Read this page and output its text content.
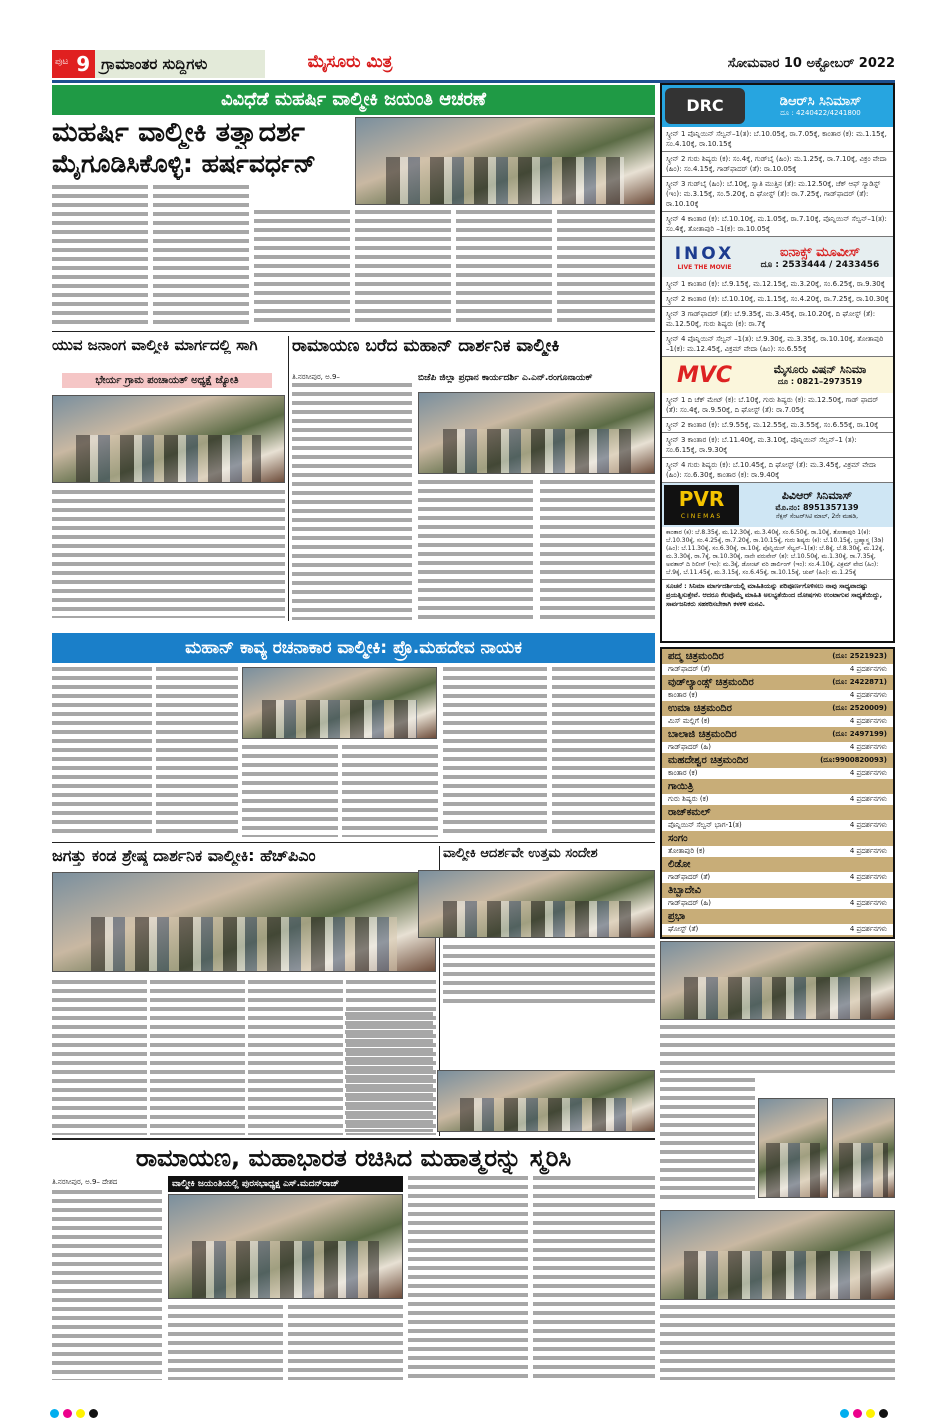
ಪುಟ 9 ಗ್ರಾಮಾಂತರ ಸುದ್ದಿಗಳು	ಮೈಸೂರು ಮಿತ್ರ	ಸೋಮವಾರ 10 ಅಕ್ಟೋಬರ್ 2022
ವಿವಿಧೆಡೆ ಮಹರ್ಷಿ ವಾಲ್ಮೀಕಿ ಜಯಂತಿ ಆಚರಣೆ
ಮಹರ್ಷಿ ವಾಲ್ಮೀಕಿ ತತ್ವಾದರ್ಶ
ಮೈಗೂಡಿಸಿಕೊಳ್ಳಿ: ಹರ್ಷವರ್ಧನ್
ಯುವ ಜನಾಂಗ ವಾಲ್ಮೀಕಿ ಮಾರ್ಗದಲ್ಲಿ ಸಾಗಿ
ಭೇರ್ಯ ಗ್ರಾಮ ಪಂಚಾಯತ್ ಅಧ್ಯಕ್ಷೆ ಜ್ಯೋತಿ
ರಾಮಾಯಣ ಬರೆದ ಮಹಾನ್ ದಾರ್ಶನಿಕ ವಾಲ್ಮೀಕಿ
ತಿ.ನರಸೀಪುರ, ಅ.9–	ಬಿಜೆಪಿ ಜಿಲ್ಲಾ ಪ್ರಧಾನ ಕಾರ್ಯದರ್ಶಿ ಎ.ಎನ್.ರಂಗೂನಾಯಕ್
ಮಹಾನ್ ಕಾವ್ಯ ರಚನಾಕಾರ ವಾಲ್ಮೀಕಿ: ಪ್ರೊ.ಮಹದೇವ ನಾಯಕ
ಜಗತ್ತು ಕಂಡ ಶ್ರೇಷ್ಠ ದಾರ್ಶನಿಕ ವಾಲ್ಮೀಕಿ: ಹೆಚ್‌ಪಿಎಂ	ವಾಲ್ಮೀಕಿ ಆದರ್ಶವೇ ಉತ್ತಮ ಸಂದೇಶ
ರಾಮಾಯಣ, ಮಹಾಭಾರತ ರಚಿಸಿದ ಮಹಾತ್ಮರನ್ನು ಸ್ಮರಿಸಿ
ತಿ.ನರಸೀಪುರ, ಅ.9– ದೇಶದ	ವಾಲ್ಮೀಕಿ ಜಯಂತಿಯಲ್ಲಿ ಪುರಸಭಾಧ್ಯಕ್ಷ ಎಸ್.ಮದನ್‌ರಾಜ್
DRC	ಡಿಆರ್‌ಸಿ ಸಿನಿಮಾಸ್
ದೂ : 4240422/4241800
ಸ್ಕ್ರೀನ್ 1 ಪೊನ್ನಿಯಿನ್ ಸೆಲ್ವನ್–1(ತ): ಬೆ.10.05ಕ್ಕೆ, ರಾ.7.05ಕ್ಕೆ, ಕಾಂತಾರ (ಕ): ಮ.1.15ಕ್ಕೆ, ಸಂ.4.10ಕ್ಕೆ, ರಾ.10.15ಕ್ಕೆ
ಸ್ಕ್ರೀನ್ 2 ಗುರು ಶಿಷ್ಯರು (ಕ): ಸಂ.4ಕ್ಕೆ, ಗುಡ್‌ಬೈ (ಹಿಂ): ಮ.1.25ಕ್ಕೆ, ರಾ.7.10ಕ್ಕೆ, ವಿಕ್ರಂ ವೇದಾ (ಹಿಂ): ಸಂ.4.15ಕ್ಕೆ, ಗಾಡ್‌ಫಾದರ್ (ತೆ): ರಾ.10.05ಕ್ಕೆ
ಸ್ಕ್ರೀನ್ 3 ಗುಡ್‌ಬೈ (ಹಿಂ): ಬೆ.10ಕ್ಕೆ, ಸ್ವಾತಿ ಮುತ್ತಿನ (ತೆ): ಮ.12.50ಕ್ಕೆ, ಚೆಕ್ ಆಫ್ ಸ್ಯಾಡಿಸ್ಟ್ (ಇಂ): ಮ.3.15ಕ್ಕೆ, ಸಂ.5.20ಕ್ಕೆ, ದಿ ಘೋಸ್ಟ್ (ತೆ): ರಾ.7.25ಕ್ಕೆ, ಗಾಡ್‌ಫಾದರ್ (ತೆ): ರಾ.10.10ಕ್ಕೆ
ಸ್ಕ್ರೀನ್ 4 ಕಾಂತಾರ (ಕ): ಬೆ.10.10ಕ್ಕೆ, ಮ.1.05ಕ್ಕೆ, ರಾ.7.10ಕ್ಕೆ, ಪೊನ್ನಿಯಿನ್ ಸೆಲ್ವನ್–1(ತ): ಸಂ.4ಕ್ಕೆ, ತೋತಾಪುರಿ –1(ಕ): ರಾ.10.05ಕ್ಕೆ
INOX
LIVE THE MOVIE
ಐನಾಕ್ಸ್ ಮೂವೀಸ್
ದೂ : 2533444 / 2433456
ಸ್ಕ್ರೀನ್ 1 ಕಾಂತಾರ (ಕ): ಬೆ.9.15ಕ್ಕೆ, ಮ.12.15ಕ್ಕೆ, ಮ.3.20ಕ್ಕೆ, ಸಂ.6.25ಕ್ಕೆ, ರಾ.9.30ಕ್ಕೆ
ಸ್ಕ್ರೀನ್ 2 ಕಾಂತಾರ (ಕ): ಬೆ.10.10ಕ್ಕೆ, ಮ.1.15ಕ್ಕೆ, ಸಂ.4.20ಕ್ಕೆ, ರಾ.7.25ಕ್ಕೆ, ರಾ.10.30ಕ್ಕೆ
ಸ್ಕ್ರೀನ್ 3 ಗಾಡ್‌ಫಾದರ್ (ತೆ): ಬೆ.9.35ಕ್ಕೆ, ಮ.3.45ಕ್ಕೆ, ರಾ.10.20ಕ್ಕೆ, ದಿ ಘೋಸ್ಟ್ (ತೆ): ಮ.12.50ಕ್ಕೆ, ಗುರು ಶಿಷ್ಯರು (ಕ): ರಾ.7ಕ್ಕೆ
ಸ್ಕ್ರೀನ್ 4 ಪೊನ್ನಿಯಿನ್ ಸೆಲ್ವನ್ –1(ತ): ಬೆ.9.30ಕ್ಕೆ, ಮ.3.35ಕ್ಕೆ, ರಾ.10.10ಕ್ಕೆ, ತೋತಾಪುರಿ –1(ಕ): ಮ.12.45ಕ್ಕೆ, ವಿಕ್ರಮ್ ವೇದಾ (ಹಿಂ): ಸಂ.6.55ಕ್ಕೆ
MVC	ಮೈಸೂರು ವಿಷನ್ ಸಿನಿಮಾ
ದೂ : 0821–2973519
ಸ್ಕ್ರೀನ್ 1 ದಿ ಚೆಕ್ ಮೇಟ್ (ಕ): ಬೆ.10ಕ್ಕೆ, ಗುರು ಶಿಷ್ಯರು (ಕ): ಮ.12.50ಕ್ಕೆ, ಗಾಡ್ ಫಾದರ್ (ತೆ): ಸಂ.4ಕ್ಕೆ, ರಾ.9.50ಕ್ಕೆ, ದಿ ಘೋಸ್ಟ್ (ತೆ): ರಾ.7.05ಕ್ಕೆ
ಸ್ಕ್ರೀನ್ 2 ಕಾಂತಾರ (ಕ): ಬೆ.9.55ಕ್ಕೆ, ಮ.12.55ಕ್ಕೆ, ಮ.3.55ಕ್ಕೆ, ಸಂ.6.55ಕ್ಕೆ, ರಾ.10ಕ್ಕೆ
ಸ್ಕ್ರೀನ್ 3 ಕಾಂತಾರ (ಕ): ಬೆ.11.40ಕ್ಕೆ, ಮ.3.10ಕ್ಕೆ, ಪೊನ್ನಿಯಿನ್ ಸೆಲ್ವನ್–1 (ತ): ಸಂ.6.15ಕ್ಕೆ, ರಾ.9.30ಕ್ಕೆ
ಸ್ಕ್ರೀನ್ 4 ಗುರು ಶಿಷ್ಯರು (ಕ): ಬೆ.10.45ಕ್ಕೆ, ದಿ ಘೋಸ್ಟ್ (ತೆ): ಮ.3.45ಕ್ಕೆ, ವಿಕ್ರಮ್ ವೇದಾ (ಹಿಂ): ಸಂ.6.30ಕ್ಕೆ, ಕಾಂತಾರ (ಕ): ರಾ.9.40ಕ್ಕೆ
PVR
CINEMAS
ಪಿವಿಆರ್ ಸಿನಿಮಾಸ್
ಮೊ.ನಂ: 8951357139
ನೆಕ್ಸಸ್ ಸೆಂಟರ್‌ಸಿಟಿ ಮಾಲ್, 2ನೇ ಮಹಡಿ,
ಕಾಂತಾರ (ಕ): ಬೆ.8.35ಕ್ಕೆ, ಮ.12.30ಕ್ಕೆ, ಮ.3.40ಕ್ಕೆ, ಸಂ.6.50ಕ್ಕೆ, ರಾ.10ಕ್ಕೆ, ತೋತಾಪುರಿ 1(ಕ): ಬೆ.10.30ಕ್ಕೆ, ಸಂ.4.25ಕ್ಕೆ, ರಾ.7.20ಕ್ಕೆ, ರಾ.10.15ಕ್ಕೆ, ಗುರು ಶಿಷ್ಯರು (ಕ): ಬೆ.10.15ಕ್ಕೆ, ಬ್ರಹ್ಮಾಸ್ತ್ರ (3ಡಿ)(ಹಿಂ): ಬೆ.11.30ಕ್ಕೆ, ಸಂ.6.30ಕ್ಕೆ, ರಾ.10ಕ್ಕೆ, ಪೊನ್ನಿಯಿನ್ ಸೆಲ್ವನ್–1(ತ): ಬೆ.8ಕ್ಕೆ, ಬೆ.8.30ಕ್ಕೆ, ಮ.12ಕ್ಕೆ, ಮ.3.30ಕ್ಕೆ, ರಾ.7ಕ್ಕೆ, ರಾ.10.30ಕ್ಕೆ, ನಾನೇ ವರುವೇನ್ (ತ): ಬೆ.10.50ಕ್ಕೆ, ಮ.1.30ಕ್ಕೆ, ರಾ.7.35ಕ್ಕೆ, ಅವತಾರ್ ದಿ ರಿಲೀಸ್ (ಇಂ): ಮ.3ಕ್ಕೆ, ಡೋಂಟ್ ವರಿ ಡಾರ್ಲಿಂಗ್ (ಇಂ): ಸಂ.4.10ಕ್ಕೆ, ವಿಕ್ರಮ್ ವೇದ (ಹಿಂ): ಬೆ.9ಕ್ಕೆ, ಬೆ.11.45ಕ್ಕೆ, ಮ.3.15ಕ್ಕೆ, ಸಂ.6.45ಕ್ಕೆ, ರಾ.10.15ಕ್ಕೆ, ಚುಪ್ (ಹಿಂ): ಮ.1.25ಕ್ಕೆ
ಸೂಚನೆ : ಸಿನಿಮಾ ಮಾರ್ಗದರ್ಶಿಯಲ್ಲಿ ಮಾಹಿತಿಯನ್ನು ಪರಿಪೂರ್ಣಗೊಳಿಸಲು ನಾವು ಸಾಧ್ಯವಾದಷ್ಟು ಪ್ರಯತ್ನಿಸುತ್ತೇವೆ. ಆದರೂ ಕೆಲವೊಮ್ಮೆ ಮಾಹಿತಿ ಅಲಭ್ಯತೆಯಿಂದ ದೋಷಗಳು ಉಂಟಾಗುವ ಸಾಧ್ಯತೆಯಿದ್ದು, ಸಾರ್ವಜನಿಕರು ಸಹಕರಿಸಬೇಕಾಗಿ ಕಳಕಳಿ ಮನವಿ.
ಪದ್ಮ ಚಿತ್ರಮಂದಿರ	(ದೂ: 2521923)
ಗಾಡ್‌ಫಾದರ್ (ತೆ)	4 ಪ್ರದರ್ಶನಗಳು
ವುಡ್‌ಲ್ಯಾಂಡ್ಸ್ ಚಿತ್ರಮಂದಿರ	(ದೂ: 2422871)
ಕಾಂತಾರ (ಕ)	4 ಪ್ರದರ್ಶನಗಳು
ಉಮಾ ಚಿತ್ರಮಂದಿರ	(ದೂ: 2520009)
ಮಿಸ್ ಮಲ್ಲಿಗೆ (ಕ)	4 ಪ್ರದರ್ಶನಗಳು
ಬಾಲಾಜಿ ಚಿತ್ರಮಂದಿರ	(ದೂ: 2497199)
ಗಾಡ್‌ಫಾದರ್ (ಹಿ)	4 ಪ್ರದರ್ಶನಗಳು
ಮಹದೇಶ್ವರ ಚಿತ್ರಮಂದಿರ	(ದೂ:9900820093)
ಕಾಂತಾರ (ಕ)	4 ಪ್ರದರ್ಶನಗಳು
ಗಾಯಿತ್ರಿ
ಗುರು ಶಿಷ್ಯರು (ಕ)	4 ಪ್ರದರ್ಶನಗಳು
ರಾಜ್‌ಕಮಲ್
ಪೊನ್ನಿಯಿನ್ ಸೆಲ್ವನ್ ಭಾಗ-1(ತ)	4 ಪ್ರದರ್ಶನಗಳು
ಸಂಗಂ
ತೋತಾಪುರಿ (ಕ)	4 ಪ್ರದರ್ಶನಗಳು
ಲಿಡೋ
ಗಾಡ್‌ಫಾದರ್ (ತೆ)	4 ಪ್ರದರ್ಶನಗಳು
ತಿಬ್ಬಾದೇವಿ
ಗಾಡ್‌ಫಾದರ್ (ಹಿ)	4 ಪ್ರದರ್ಶನಗಳು
ಪ್ರಭಾ
ಘೋಸ್ಟ್ (ತೆ)	4 ಪ್ರದರ್ಶನಗಳು
